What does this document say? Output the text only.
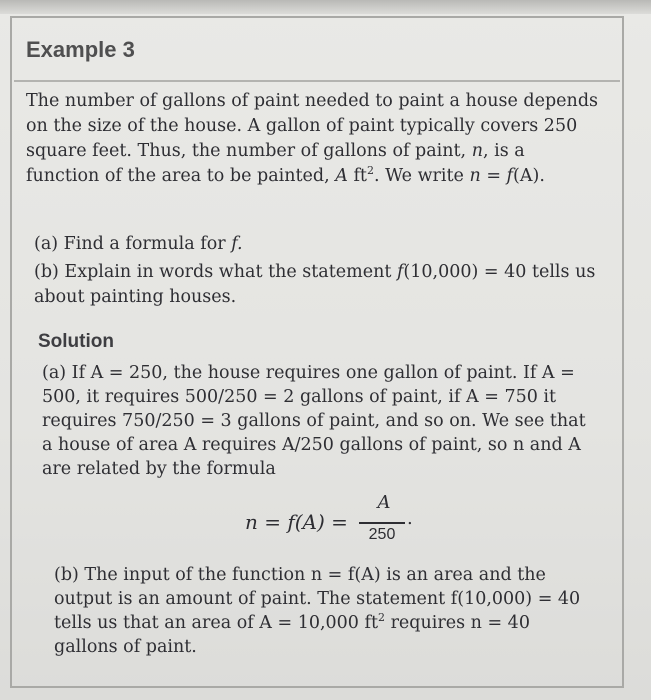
Example 3

The number of gallons of paint needed to paint a house depends on the size of the house. A gallon of paint typically covers 250 square feet. Thus, the number of gallons of paint, n, is a function of the area to be painted, A $ft^2$. We write n = f(A).

(a) Find a formula for f.

(b) Explain in words what the statement f(10,000) = 40 tells us about painting houses.

Solution

(a) If A = 250, the house requires one gallon of paint. If A = 500, it requires 500/250 = 2 gallons of paint, if A = 750 it requires 750/250 = 3 gallons of paint, and so on. We see that a house of area A requires A/250 gallons of paint, so n and A are related by the formula

n = f(A) =
A
250
.

(b) The input of the function n = f(A) is an area and the output is an amount of paint. The statement f(10,000) = 40 tells us that an area of A = 10,000 $ft^2$ requires n = 40 gallons of paint.
